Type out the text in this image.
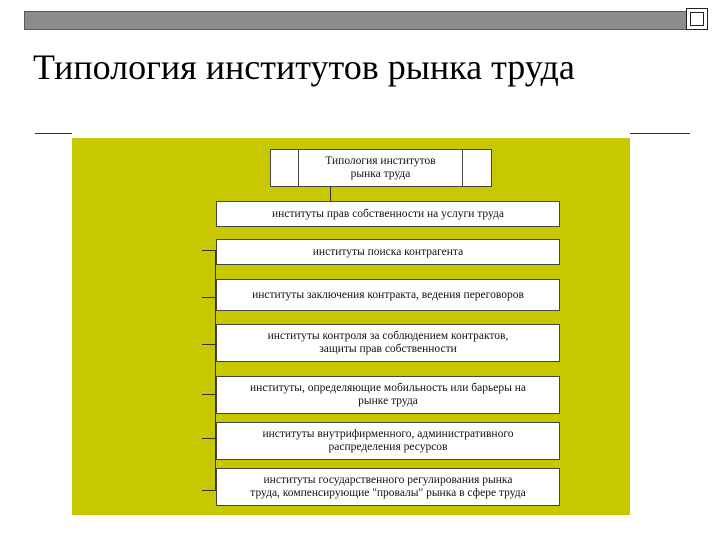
Типология институтов рынка труда
Типология институтов
рынка труда
институты прав собственности на услуги труда
институты поиска контрагента
институты заключения контракта, ведения переговоров
институты контроля за соблюдением контрактов,
защиты прав собственности
институты, определяющие мобильность или барьеры на
рынке труда
институты внутрифирменного, административного
распределения ресурсов
институты государственного регулирования рынка
труда, компенсирующие "провалы" рынка в сфере труда
